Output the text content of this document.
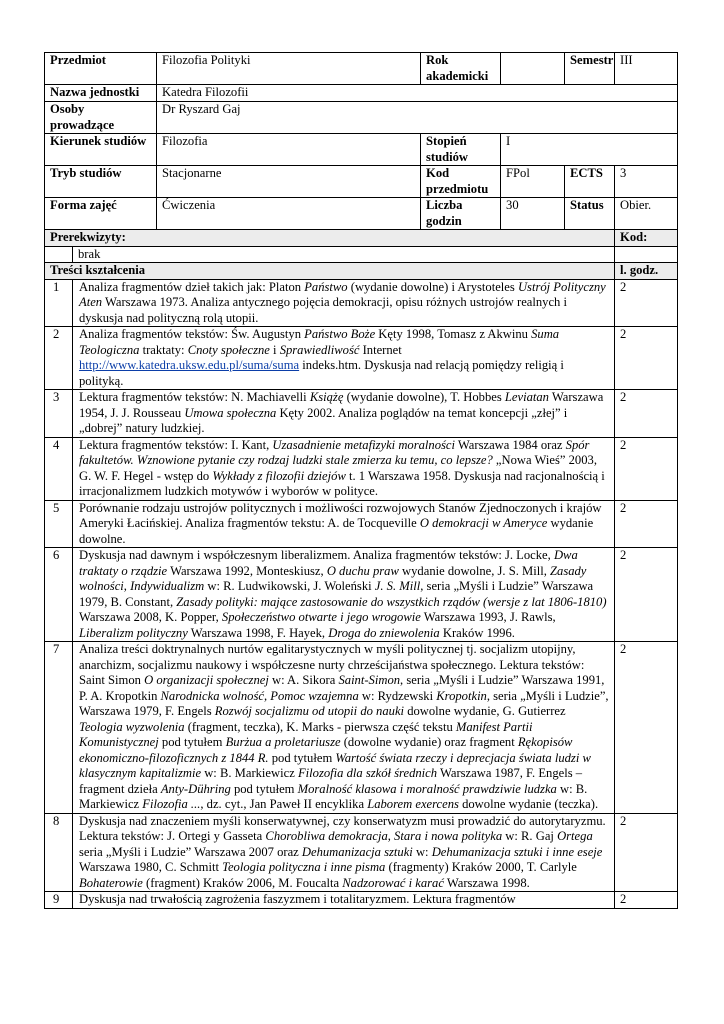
Przedmiot		Filozofia Polityki	Rok akademicki		Semestr	III
Nazwa jednostki		Katedra Filozofii				
Osoby prowadzące		Dr Ryszard Gaj				
Kierunek studiów		Filozofia	Stopień studiów	I		
Tryb studiów		Stacjonarne	Kod przedmiotu	FPol	ECTS	3
Forma zajęć		Ćwiczenia	Liczba godzin	30	Status	Obier.
Prerekwizyty:						Kod:
	brak					
Treści kształcenia						l. godz.
1	Analiza fragmentów dzieł takich jak: Platon Państwo (wydanie dowolne) i Arystoteles Ustrój Polityczny Aten Warszawa 1973. Analiza antycznego pojęcia demokracji, opisu różnych ustrojów realnych i dyskusja nad polityczną rolą utopii.					2
2	Analiza fragmentów tekstów: Św. Augustyn Państwo Boże Kęty 1998, Tomasz z Akwinu Suma Teologiczna traktaty: Cnoty społeczne i Sprawiedliwość Internet http://www.katedra.uksw.edu.pl/suma/suma indeks.htm. Dyskusja nad relacją pomiędzy religią i polityką.					2
3	Lektura fragmentów tekstów: N. Machiavelli Książę (wydanie dowolne), T. Hobbes Leviatan Warszawa 1954, J. J. Rousseau Umowa społeczna Kęty 2002. Analiza poglądów na temat koncepcji „złej” i „dobrej” natury ludzkiej.					2
4	Lektura fragmentów tekstów: I. Kant, Uzasadnienie metafizyki moralności Warszawa 1984 oraz Spór fakultetów. Wznowione pytanie czy rodzaj ludzki stale zmierza ku temu, co lepsze? „Nowa Wieś” 2003, G. W. F. Hegel - wstęp do Wykłady z filozofii dziejów t. 1 Warszawa 1958. Dyskusja nad racjonalnością i irracjonalizmem ludzkich motywów i wyborów w polityce.					2
5	Porównanie rodzaju ustrojów politycznych i możliwości rozwojowych Stanów Zjednoczonych i krajów Ameryki Łacińskiej. Analiza fragmentów tekstu: A. de Tocqueville O demokracji w Ameryce wydanie dowolne.					2
6	Dyskusja nad dawnym i współczesnym liberalizmem. Analiza fragmentów tekstów: J. Locke, Dwa traktaty o rządzie Warszawa 1992, Monteskiusz, O duchu praw wydanie dowolne, J. S. Mill, Zasady wolności, Indywidualizm w: R. Ludwikowski, J. Woleński J. S. Mill, seria „Myśli i Ludzie” Warszawa 1979, B. Constant, Zasady polityki: mające zastosowanie do wszystkich rządów (wersje z lat 1806-1810) Warszawa 2008, K. Popper, Społeczeństwo otwarte i jego wrogowie Warszawa 1993, J. Rawls, Liberalizm polityczny Warszawa 1998, F. Hayek, Droga do zniewolenia Kraków 1996.					2
7	Analiza treści doktrynalnych nurtów egalitarystycznych w myśli politycznej tj. socjalizm utopijny, anarchizm, socjalizmu naukowy i współczesne nurty chrześcijaństwa społecznego. Lektura tekstów: Saint Simon O organizacji społecznej w: A. Sikora Saint-Simon, seria „Myśli i Ludzie” Warszawa 1991, P. A. Kropotkin Narodnicka wolność, Pomoc wzajemna w: Rydzewski Kropotkin, seria „Myśli i Ludzie”, Warszawa 1979, F. Engels Rozwój socjalizmu od utopii do nauki dowolne wydanie, G. Gutierrez Teologia wyzwolenia (fragment, teczka), K. Marks - pierwsza część tekstu Manifest Partii Komunistycznej pod tytułem Burżua a proletariusze (dowolne wydanie) oraz fragment Rękopisów ekonomiczno-filozoficznych z 1844 R. pod tytułem Wartość świata rzeczy i deprecjacja świata ludzi w klasycznym kapitalizmie w: B. Markiewicz Filozofia dla szkół średnich Warszawa 1987, F. Engels – fragment dzieła Anty-Dühring pod tytułem Moralność klasowa i moralność prawdziwie ludzka w: B. Markiewicz Filozofia ..., dz. cyt., Jan Paweł II encyklika Laborem exercens dowolne wydanie (teczka).					2
8	Dyskusja nad znaczeniem myśli konserwatywnej, czy konserwatyzm musi prowadzić do autorytaryzmu. Lektura tekstów: J. Ortegi y Gasseta Chorobliwa demokracja, Stara i nowa polityka w: R. Gaj Ortega seria „Myśli i Ludzie” Warszawa 2007 oraz Dehumanizacja sztuki w: Dehumanizacja sztuki i inne eseje Warszawa 1980, C. Schmitt Teologia polityczna i inne pisma (fragmenty) Kraków 2000, T. Carlyle Bohaterowie (fragment) Kraków 2006, M. Foucalta Nadzorować i karać Warszawa 1998.					2
9	Dyskusja nad trwałością zagrożenia faszyzmem i totalitaryzmem. Lektura fragmentów					2
